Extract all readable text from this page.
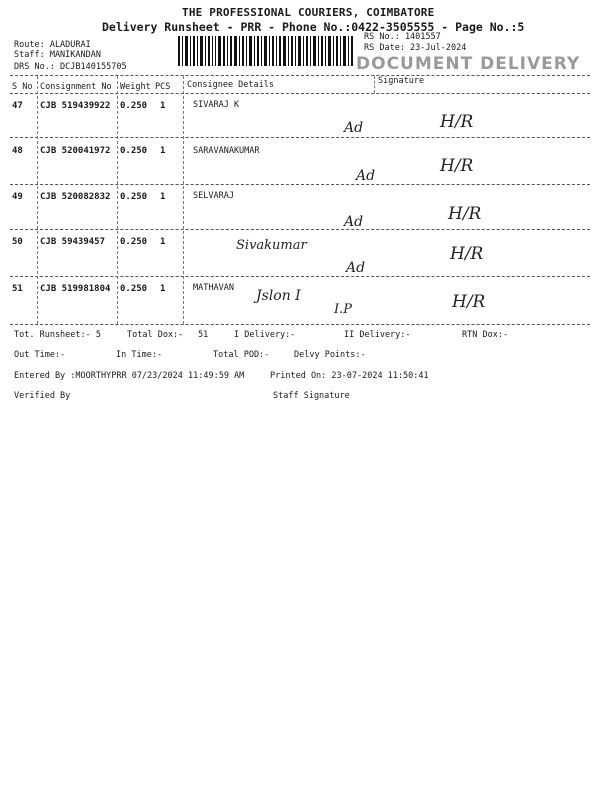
THE PROFESSIONAL COURIERS, COIMBATORE
Delivery Runsheet - PRR - Phone No.:0422-3505555 - Page No.:5
Route: ALADURAI
Staff: MANIKANDAN
DRS No.: DCJB140155705
RS No.: 1401557
RS Date: 23-Jul-2024
DOCUMENT DELIVERY
S No Consignment No Weight PCS Consignee Details	Signature
47 CJB 519439922 0.250 1	SIVARAJ K
Ad	H/R
48 CJB 520041972 0.250 1	SARAVANAKUMAR
Ad	H/R
49 CJB 520082832 0.250 1	SELVARAJ
Ad	H/R
50 CJB 59439457 0.250 1	Sivakumar
Ad
H/R
51 CJB 519981804 0.250 1	MATHAVAN Jslon I
I.P	H/R
Tot. Runsheet:- 5	Total Dox:- 51	I Delivery:-	II Delivery:-	RTN Dox:-
Out Time:-	In Time:-	Total POD:-	Delvy Points:-
Entered By :MOORTHYPRR 07/23/2024 11:49:59 AM	Printed On: 23-07-2024 11:50:41
Verified By	Staff Signature
